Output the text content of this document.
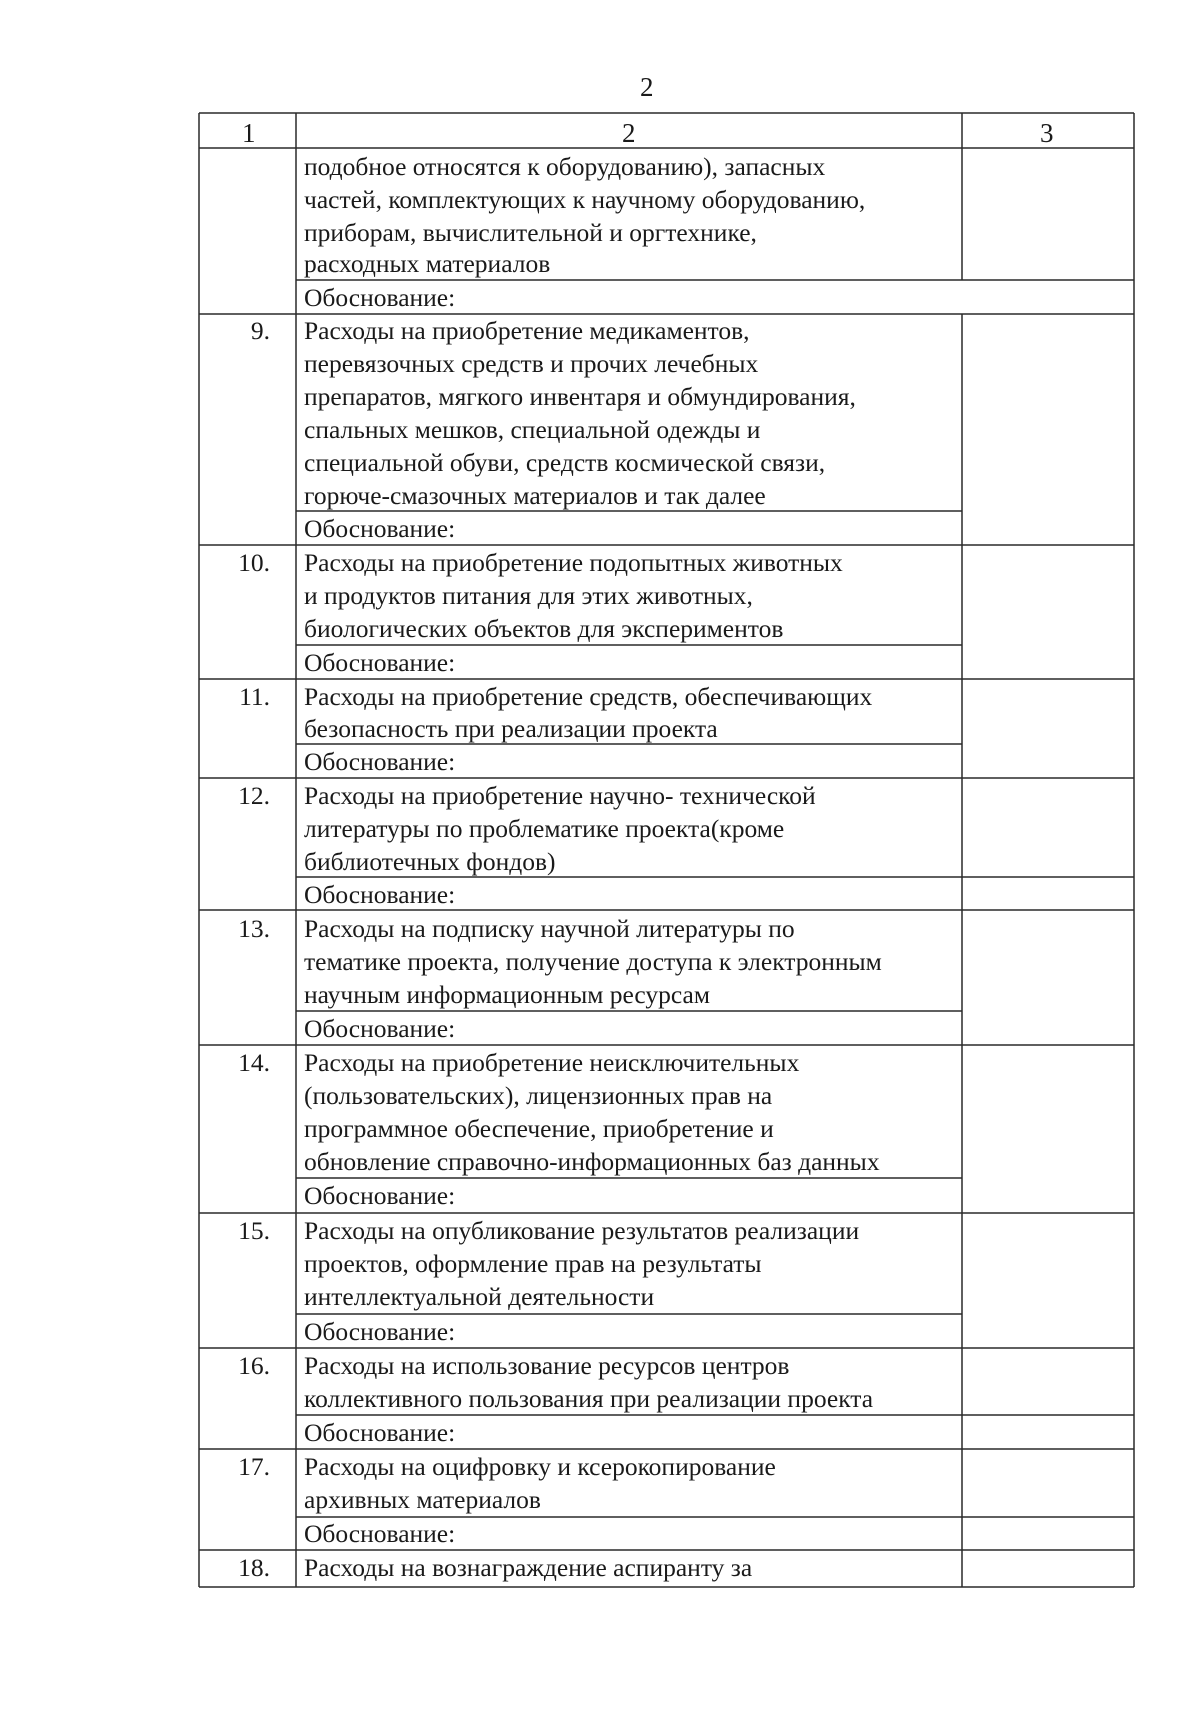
2
1	2	3
подобное относятся к оборудованию), запасных
частей, комплектующих к научному оборудованию,
приборам, вычислительной и оргтехнике,
расходных материалов
Обоснование:
9. Расходы на приобретение медикаментов,
перевязочных средств и прочих лечебных
препаратов, мягкого инвентаря и обмундирования,
спальных мешков, специальной одежды и
специальной обуви, средств космической связи,
горюче-смазочных материалов и так далее
Обоснование:
10. Расходы на приобретение подопытных животных
и продуктов питания для этих животных,
биологических объектов для экспериментов
Обоснование:
11. Расходы на приобретение средств, обеспечивающих
безопасность при реализации проекта
Обоснование:
12. Расходы на приобретение научно- технической
литературы по проблематике проекта(кроме
библиотечных фондов)
Обоснование:
13. Расходы на подписку научной литературы по
тематике проекта, получение доступа к электронным
научным информационным ресурсам
Обоснование:
14. Расходы на приобретение неисключительных
(пользовательских), лицензионных прав на
программное обеспечение, приобретение и
обновление справочно-информационных баз данных
Обоснование:
15. Расходы на опубликование результатов реализации
проектов, оформление прав на результаты
интеллектуальной деятельности
Обоснование:
16. Расходы на использование ресурсов центров
коллективного пользования при реализации проекта
Обоснование:
17. Расходы на оцифровку и ксерокопирование
архивных материалов
Обоснование:
18. Расходы на вознаграждение аспиранту за
